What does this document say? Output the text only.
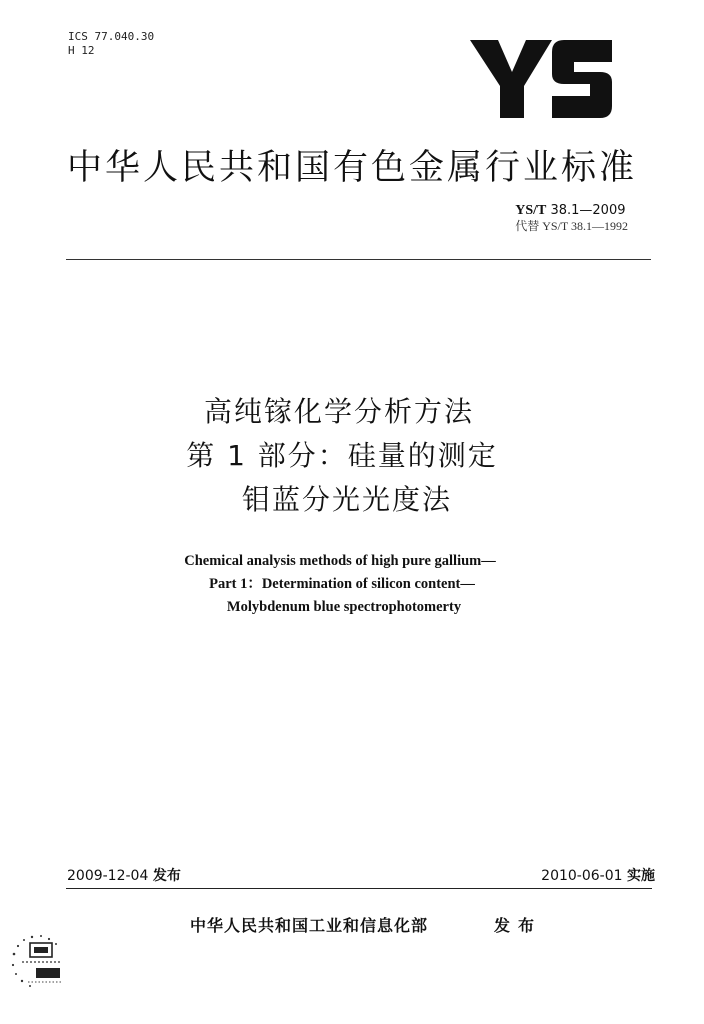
ICS 77.040.30
H 12
中华人民共和国有色金属行业标准
YS/T 38.1—2009
代替 YS/T 38.1—1992
高纯镓化学分析方法
第 1 部分：硅量的测定
钼蓝分光光度法
Chemical analysis methods of high pure gallium—
Part 1：Determination of silicon content—
Molybdenum blue spectrophotomerty
2009-12-04 发布	2010-06-01 实施
中华人民共和国工业和信息化部	发布
